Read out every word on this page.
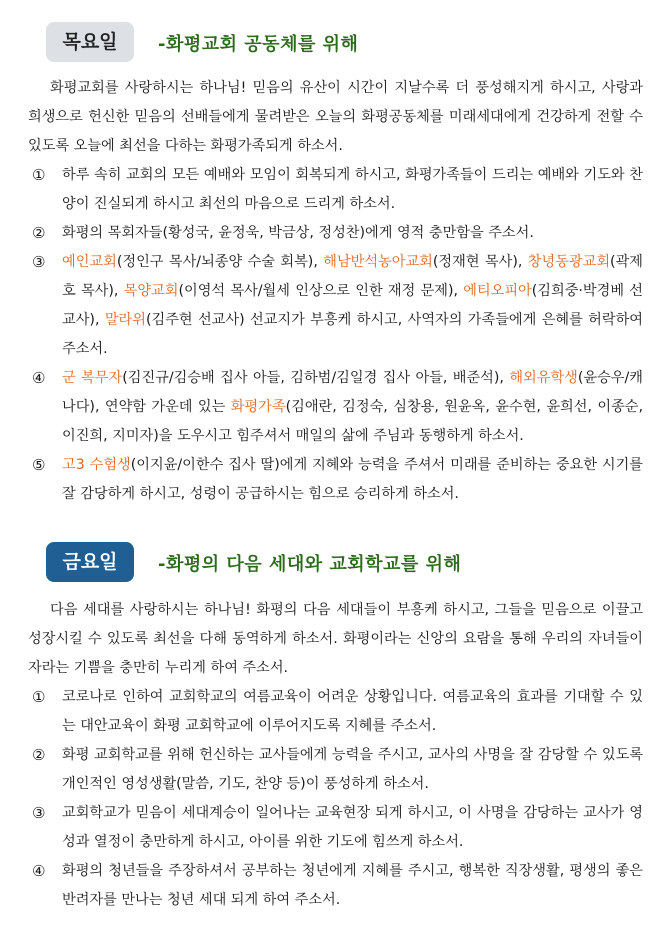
목요일	-화평교회 공동체를 위해

화평교회를 사랑하시는 하나님! 믿음의 유산이 시간이 지날수록 더 풍성해지게 하시고, 사랑과 희생으로 헌신한 믿음의 선배들에게 물려받은 오늘의 화평공동체를 미래세대에게 건강하게 전할 수 있도록 오늘에 최선을 다하는 화평가족되게 하소서.

① 하루 속히 교회의 모든 예배와 모임이 회복되게 하시고, 화평가족들이 드리는 예배와 기도와 찬양이 진실되게 하시고 최선의 마음으로 드리게 하소서.
② 화평의 목회자들(황성국, 윤정욱, 박금상, 정성찬)에게 영적 충만함을 주소서.
③ 예인교회(정인구 목사/뇌종양 수술 회복), 해남반석농아교회(정재현 목사), 창녕동광교회(곽제호 목사), 목양교회(이영석 목사/월세 인상으로 인한 재정 문제), 에티오피아(김희중·박경베 선교사), 말라위(김주현 선교사) 선교지가 부흥케 하시고, 사역자의 가족들에게 은혜를 허락하여 주소서.
④ 군 복무자(김진규/김승배 집사 아들, 김하범/김일경 집사 아들, 배준석), 해외유학생(윤승우/캐나다), 연약함 가운데 있는 화평가족(김애란, 김정숙, 심창용, 원윤옥, 윤수현, 윤희선, 이종순, 이진희, 지미자)을 도우시고 힘주셔서 매일의 삶에 주님과 동행하게 하소서.
⑤ 고3 수험생(이지윤/이한수 집사 딸)에게 지혜와 능력을 주셔서 미래를 준비하는 중요한 시기를 잘 감당하게 하시고, 성령이 공급하시는 힘으로 승리하게 하소서.
금요일	-화평의 다음 세대와 교회학교를 위해

다음 세대를 사랑하시는 하나님! 화평의 다음 세대들이 부흥케 하시고, 그들을 믿음으로 이끌고 성장시킬 수 있도록 최선을 다해 동역하게 하소서. 화평이라는 신앙의 요람을 통해 우리의 자녀들이 자라는 기쁨을 충만히 누리게 하여 주소서.

① 코로나로 인하여 교회학교의 여름교육이 어려운 상황입니다. 여름교육의 효과를 기대할 수 있는 대안교육이 화평 교회학교에 이루어지도록 지혜를 주소서.
② 화평 교회학교를 위해 헌신하는 교사들에게 능력을 주시고, 교사의 사명을 잘 감당할 수 있도록 개인적인 영성생활(말씀, 기도, 찬양 등)이 풍성하게 하소서.
③ 교회학교가 믿음이 세대계승이 일어나는 교육현장 되게 하시고, 이 사명을 감당하는 교사가 영성과 열정이 충만하게 하시고, 아이를 위한 기도에 힘쓰게 하소서.
④ 화평의 청년들을 주장하셔서 공부하는 청년에게 지혜를 주시고, 행복한 직장생활, 평생의 좋은 반려자를 만나는 청년 세대 되게 하여 주소서.
